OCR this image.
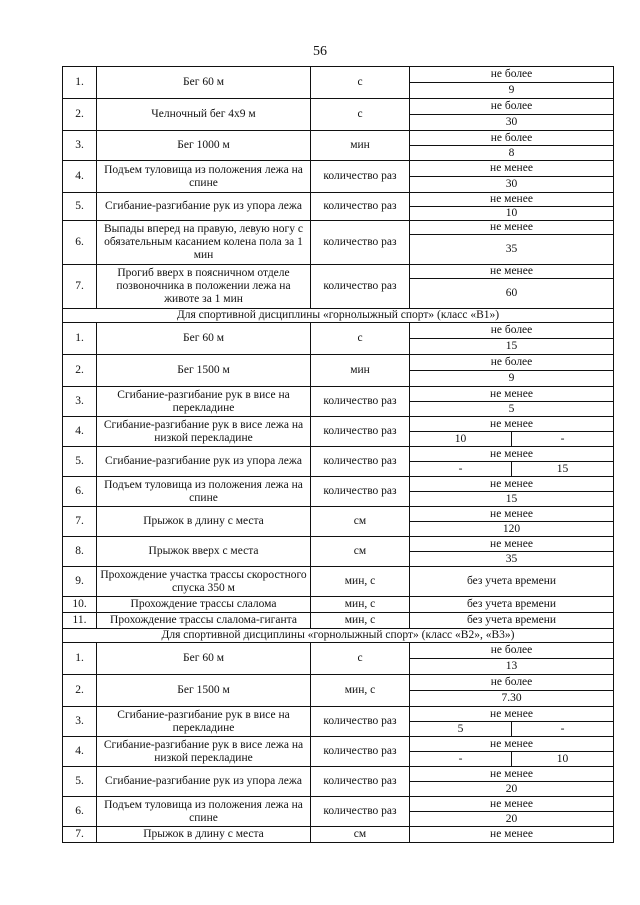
56
1.	Бег 60 м	с	не более	
			9	
2.	Челночный бег 4х9 м	с	не более	
			30	
3.	Бег 1000 м	мин	не более	
			8	
4.	Подъем туловища из положения лежа на спине	количество раз	не менее	
			30	
5.	Сгибание-разгибание рук из упора лежа	количество раз	не менее	
			10	
6.	Выпады вперед на правую, левую ногу с обязательным касанием колена пола за 1 мин	количество раз	не менее	
			35	
7.	Прогиб вверх в поясничном отделе позвоночника в положении лежа на животе за 1 мин	количество раз	не менее	
			60	
Для спортивной дисциплины «горнолыжный спорт» (класс «В1»)				
1.	Бег 60 м	с	не более	
			15	
2.	Бег 1500 м	мин	не более	
			9	
3.	Сгибание-разгибание рук в висе на перекладине	количество раз	не менее	
			5	
4.	Сгибание-разгибание рук в висе лежа на низкой перекладине	количество раз	не менее	
			10	-
5.	Сгибание-разгибание рук из упора лежа	количество раз	не менее	
			-	15
6.	Подъем туловища из положения лежа на спине	количество раз	не менее	
			15	
7.	Прыжок в длину с места	см	не менее	
			120	
8.	Прыжок вверх с места	см	не менее	
			35	
9.	Прохождение участка трассы скоростного спуска 350 м	мин, с	без учета времени	
10.	Прохождение трассы слалома	мин, с	без учета времени	
11.	Прохождение трассы слалома-гиганта	мин, с	без учета времени	
Для спортивной дисциплины «горнолыжный спорт» (класс «В2», «В3»)				
1.	Бег 60 м	с	не более	
			13	
2.	Бег 1500 м	мин, с	не более	
			7.30	
3.	Сгибание-разгибание рук в висе на перекладине	количество раз	не менее	
			5	-
4.	Сгибание-разгибание рук в висе лежа на низкой перекладине	количество раз	не менее	
			-	10
5.	Сгибание-разгибание рук из упора лежа	количество раз	не менее	
			20	
6.	Подъем туловища из положения лежа на спине	количество раз	не менее	
			20	
7.	Прыжок в длину с места	см	не менее	
